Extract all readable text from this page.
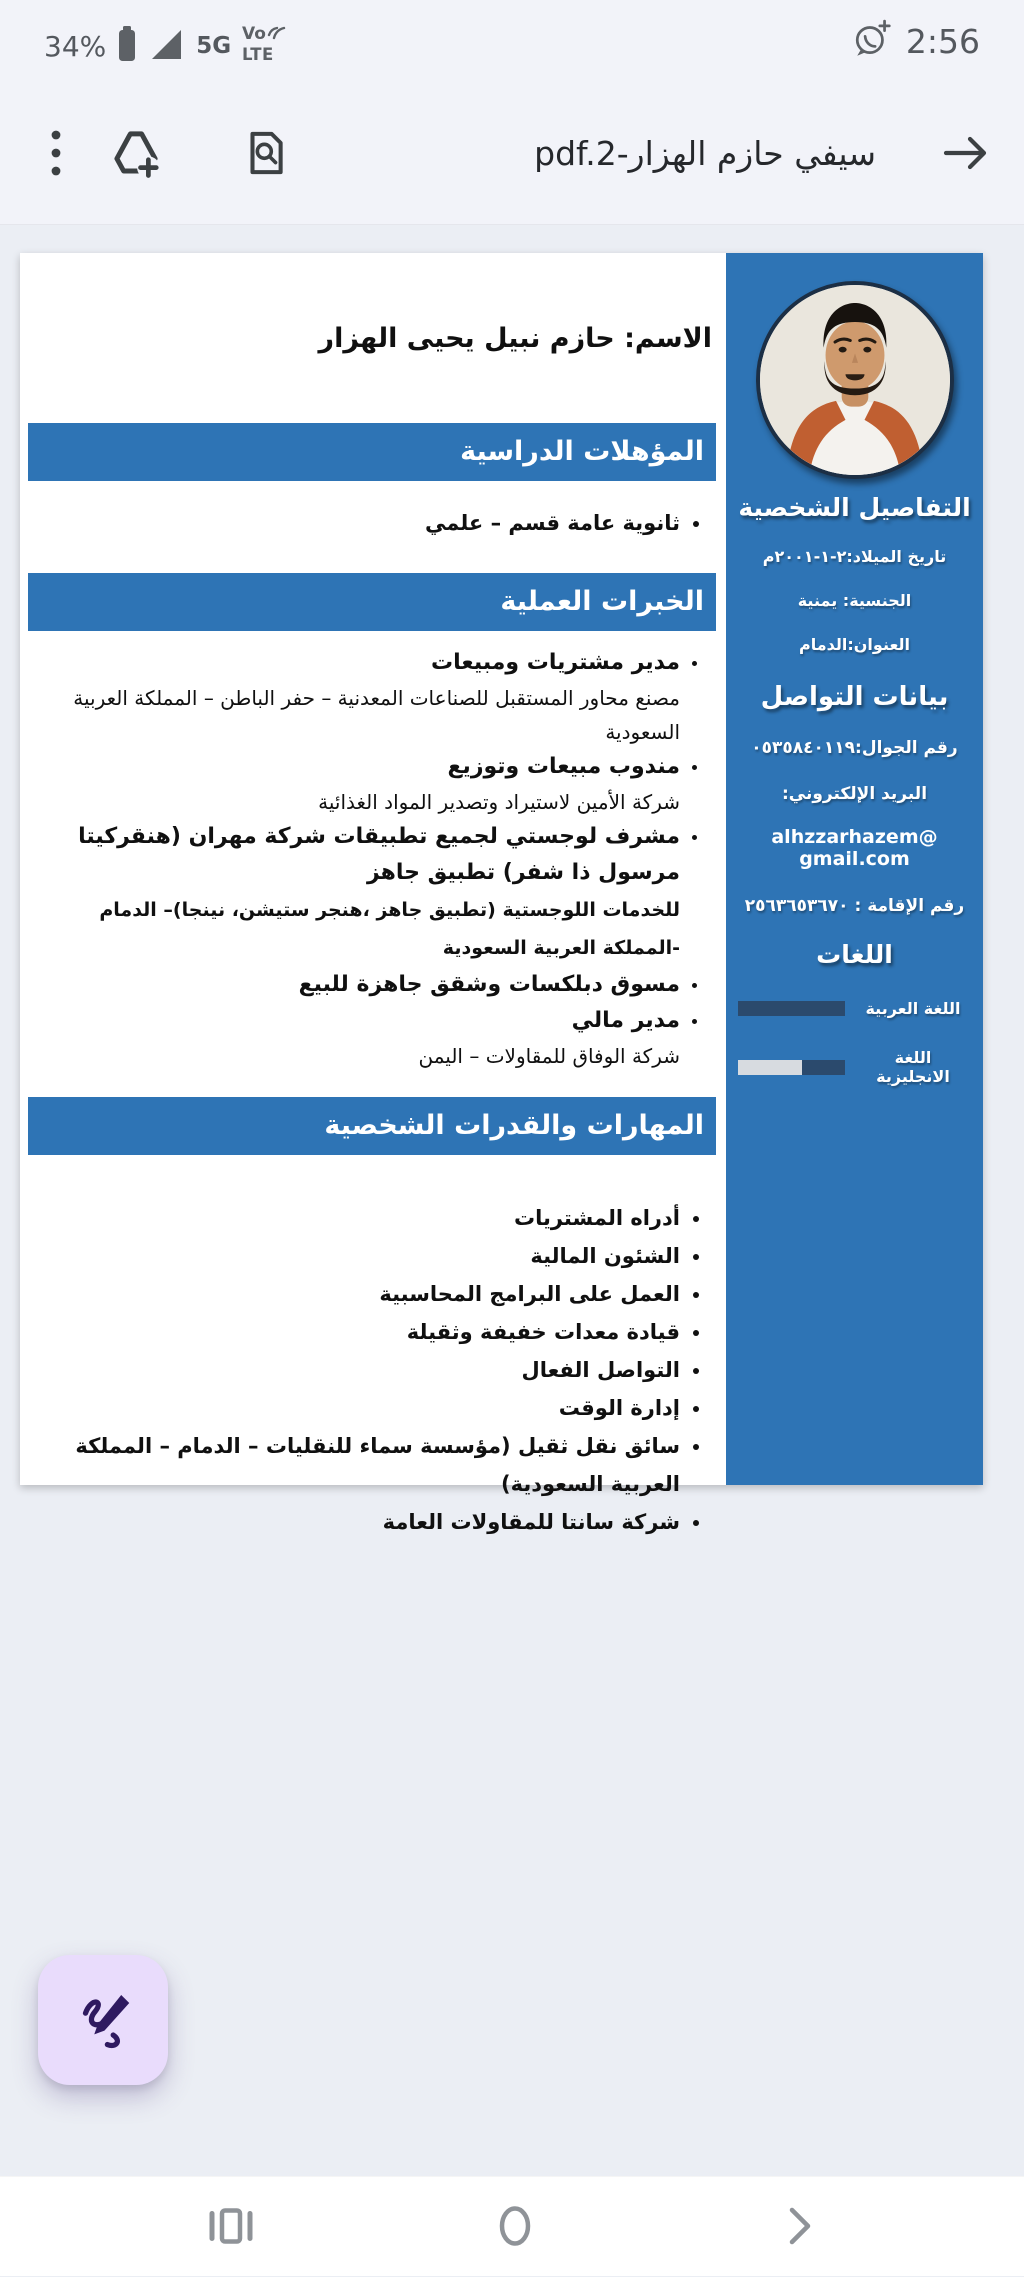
34%	5G Vo
LTE	2:56
سيفي حازم الهزار-pdf.2
الاسم: حازم نبيل يحيى الهزار
المؤهلات الدراسية
• ثانوية عامة قسم – علمي
الخبرات العملية
• مدير مشتريات ومبيعات
مصنع محاور المستقبل للصناعات المعدنية – حفر الباطن – المملكة العربية السعودية
• مندوب مبيعات وتوزيع
شركة الأمين لاستيراد وتصدير المواد الغذائية
• مشرف لوجستي لجميع تطبيقات شركة مهران (هنقركيتا مرسول ذا شفر) تطبيق جاهز
للخدمات اللوجستية (تطبيق جاهز ،هنجر ستيشن، نينجا)– الدمام -المملكة العربية السعودية
• مسوق دبلكسات وشقق جاهزة للبيع
• مدير مالي
شركة الوفاق للمقاولات – اليمن
المهارات والقدرات الشخصية
• أدراه المشتريات
• الشئون المالية
• العمل على البرامج المحاسبية
• قيادة معدات خفيفة وثقيلة
• التواصل الفعال
• إدارة الوقت
• سائق نقل ثقيل (مؤسسة سماء للنقليات – الدمام – المملكة العربية السعودية)
• شركة سانتا للمقاولات العامة
التفاصيل الشخصية
تاريخ الميلاد:٢-١-٢٠٠١م
الجنسية: يمنية
العنوان:الدمام
بيانات التواصل
رقم الجوال:٠٥٣٥٨٤٠١١٩
البريد الإلكتروني:
alhzzarhazem@ gmail.com
رقم الإقامة : ٢٥٦٣٦٥٣٦٧٠
اللغات
اللغة العربية
اللغة الانجليزية
